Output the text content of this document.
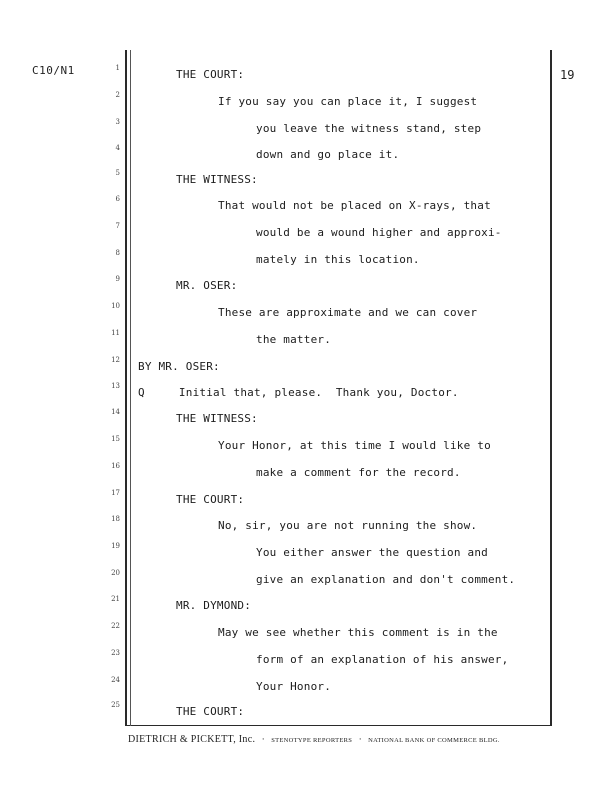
C10/N1	19
1	THE COURT:
2	If you say you can place it, I suggest
3	you leave the witness stand, step
4	down and go place it.
5	THE WITNESS:
6	That would not be placed on X-rays, that
7	would be a wound higher and approxi-
8	mately in this location.
9	MR. OSER:
10	These are approximate and we can cover
11	the matter.
12 BY MR. OSER:
13 Q     Initial that, please.  Thank you, Doctor.
14	THE WITNESS:
15	Your Honor, at this time I would like to
16	make a comment for the record.
17	THE COURT:
18	No, sir, you are not running the show.
19	You either answer the question and
20	give an explanation and don't comment.
21	MR. DYMOND:
22	May we see whether this comment is in the
23	form of an explanation of his answer,
24	Your Honor.
25	THE COURT:
DIETRICH & PICKETT, Inc. · STENOTYPE REPORTERS · NATIONAL BANK OF COMMERCE BLDG.
